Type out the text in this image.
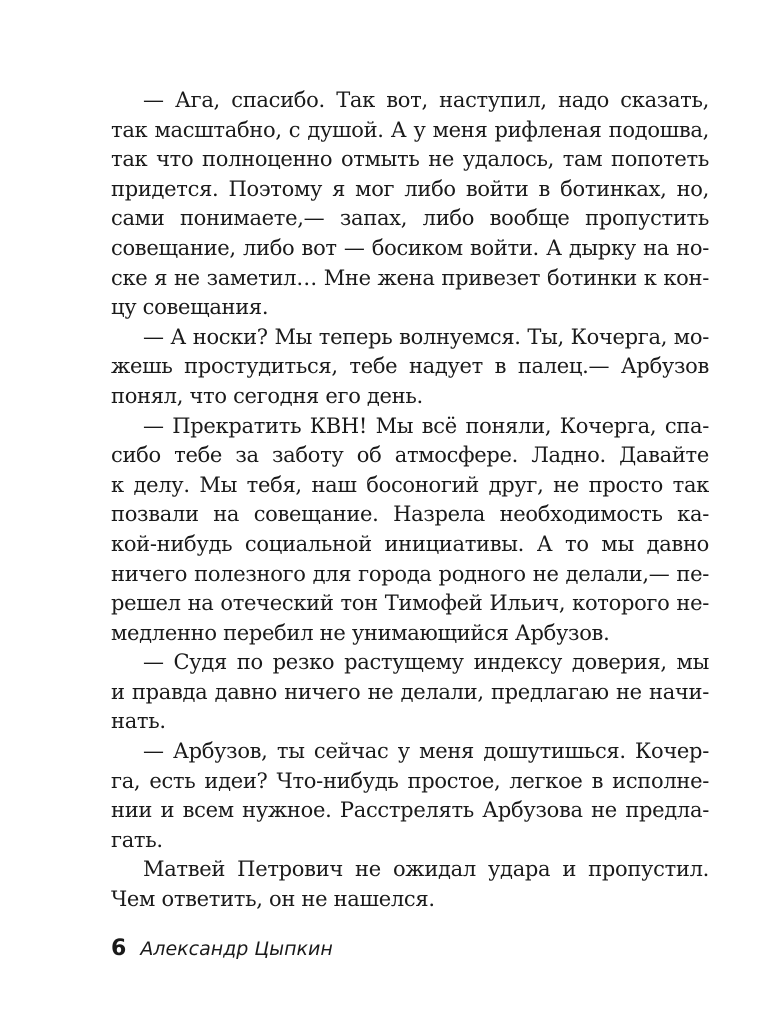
— Ага, спасибо. Так вот, наступил, надо сказать,
так масштабно, с душой. А у меня рифленая подошва,
так что полноценно отмыть не удалось, там попотеть
придется. Поэтому я мог либо войти в ботинках, но,
сами понимаете,— запах, либо вообще пропустить
совещание, либо вот — босиком войти. А дырку на но-
ске я не заметил… Мне жена привезет ботинки к кон-
цу совещания.
— А носки? Мы теперь волнуемся. Ты, Кочерга, мо-
жешь простудиться, тебе надует в палец.— Арбузов
понял, что сегодня его день.
— Прекратить КВН! Мы всё поняли, Кочерга, спа-
сибо тебе за заботу об атмосфере. Ладно. Давайте
к делу. Мы тебя, наш босоногий друг, не просто так
позвали на совещание. Назрела необходимость ка-
кой-нибудь социальной инициативы. А то мы давно
ничего полезного для города родного не делали,— пе-
решел на отеческий тон Тимофей Ильич, которого не-
медленно перебил не унимающийся Арбузов.
— Судя по резко растущему индексу доверия, мы
и правда давно ничего не делали, предлагаю не начи-
нать.
— Арбузов, ты сейчас у меня дошутишься. Кочер-
га, есть идеи? Что-нибудь простое, легкое в исполне-
нии и всем нужное. Расстрелять Арбузова не предла-
гать.
Матвей Петрович не ожидал удара и пропустил.
Чем ответить, он не нашелся.
6 Александр Цыпкин
